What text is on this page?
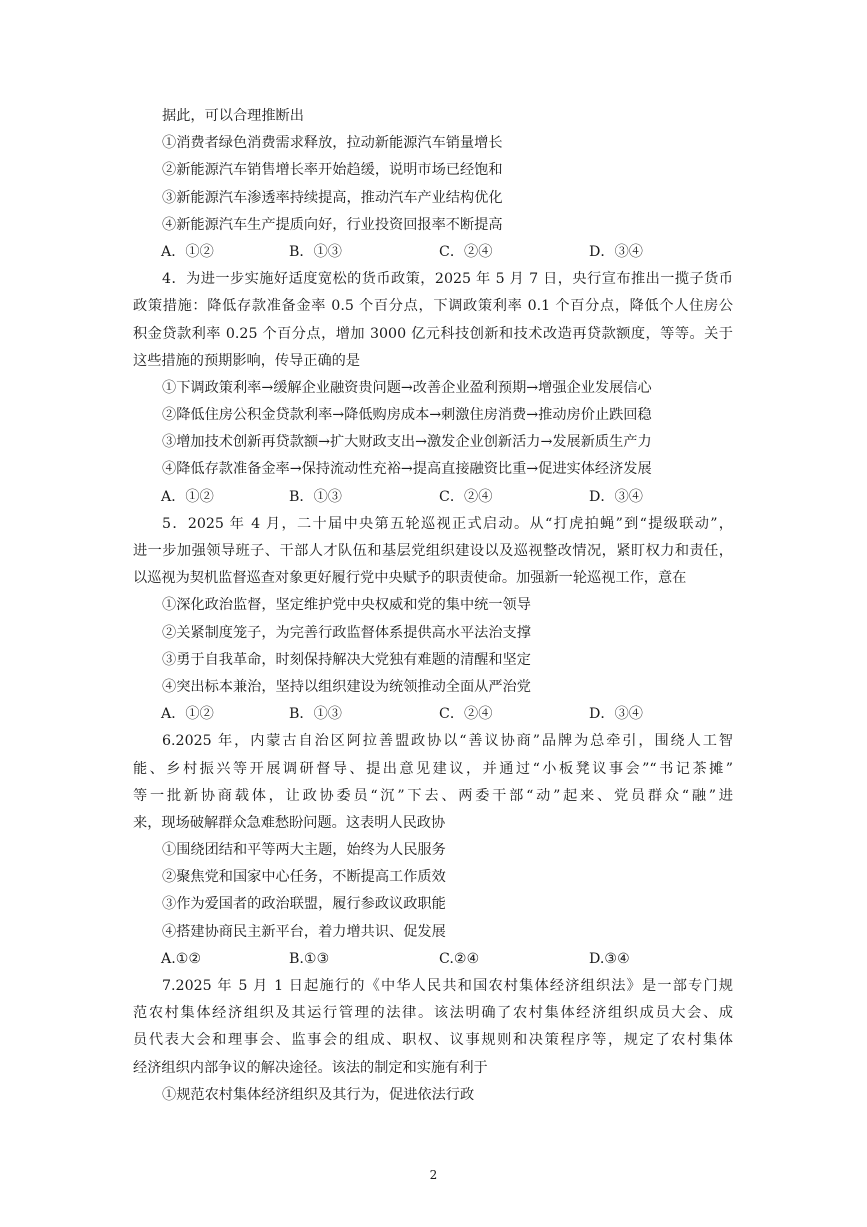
据此，可以合理推断出
①消费者绿色消费需求释放，拉动新能源汽车销量增长
②新能源汽车销售增长率开始趋缓，说明市场已经饱和
③新能源汽车渗透率持续提高，推动汽车产业结构优化
④新能源汽车生产提质向好，行业投资回报率不断提高
A．①②	B．①③	C．②④	D．③④
4．为进一步实施好适度宽松的货币政策，2025 年 5 月 7 日，央行宣布推出一揽子货币
政策措施：降低存款准备金率 0.5 个百分点，下调政策利率 0.1 个百分点，降低个人住房公
积金贷款利率 0.25 个百分点，增加 3000 亿元科技创新和技术改造再贷款额度，等等。关于
这些措施的预期影响，传导正确的是
①下调政策利率→缓解企业融资贵问题→改善企业盈利预期→增强企业发展信心
②降低住房公积金贷款利率→降低购房成本→刺激住房消费→推动房价止跌回稳
③增加技术创新再贷款额→扩大财政支出→激发企业创新活力→发展新质生产力
④降低存款准备金率→保持流动性充裕→提高直接融资比重→促进实体经济发展
A．①②	B．①③	C．②④	D．③④
5．2025 年 4 月，二十届中央第五轮巡视正式启动。从“打虎拍蝇”到“提级联动”，
进一步加强领导班子、干部人才队伍和基层党组织建设以及巡视整改情况，紧盯权力和责任，
以巡视为契机监督巡查对象更好履行党中央赋予的职责使命。加强新一轮巡视工作，意在
①深化政治监督，坚定维护党中央权威和党的集中统一领导
②关紧制度笼子，为完善行政监督体系提供高水平法治支撑
③勇于自我革命，时刻保持解决大党独有难题的清醒和坚定
④突出标本兼治，坚持以组织建设为统领推动全面从严治党
A．①②	B．①③	C．②④	D．③④
6.2025 年，内蒙古自治区阿拉善盟政协以“善议协商”品牌为总牵引，围绕人工智
能、乡村振兴等开展调研督导、提出意见建议，并通过“小板凳议事会”“书记茶摊”
等一批新协商载体，让政协委员“沉”下去、两委干部“动”起来、党员群众“融”进
来，现场破解群众急难愁盼问题。这表明人民政协
①围绕团结和平等两大主题，始终为人民服务
②聚焦党和国家中心任务，不断提高工作质效
③作为爱国者的政治联盟，履行参政议政职能
④搭建协商民主新平台，着力增共识、促发展
A.①②	B.①③	C.②④	D.③④
7.2025 年 5 月 1 日起施行的《中华人民共和国农村集体经济组织法》是一部专门规
范农村集体经济组织及其运行管理的法律。该法明确了农村集体经济组织成员大会、成
员代表大会和理事会、监事会的组成、职权、议事规则和决策程序等，规定了农村集体
经济组织内部争议的解决途径。该法的制定和实施有利于
①规范农村集体经济组织及其行为，促进依法行政
2
